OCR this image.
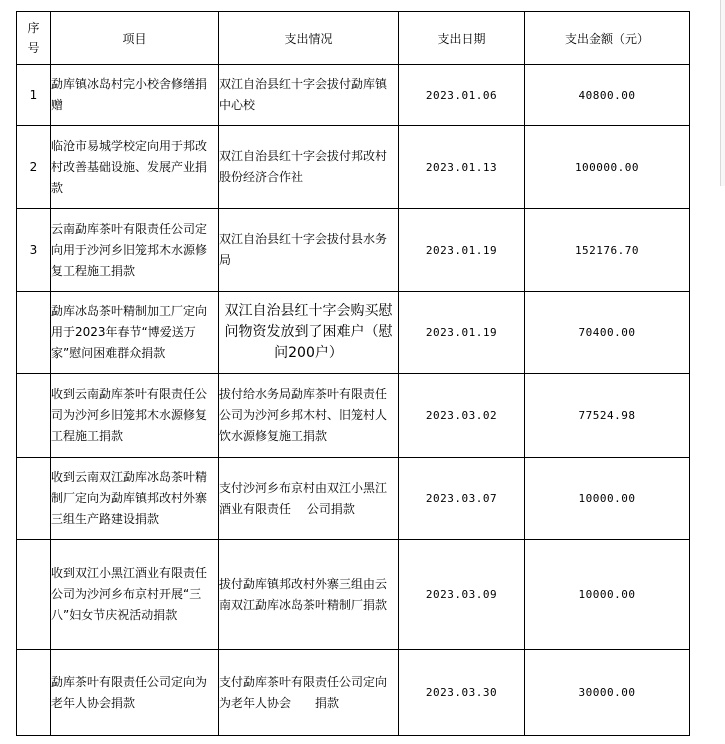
序号	项目	支出情况	支出日期	支出金额（元）
1	勐库镇冰岛村完小校舍修缮捐赠	双江自治县红十字会拔付勐库镇　 中心校	2023.01.06	40800.00
2	临沧市易城学校定向用于邦改村改善基础设施、发展产业捐款	双江自治县红十字会拔付邦改村股份经济合作社	2023.01.13	100000.00
3	云南勐库茶叶有限责任公司定向用于沙河乡旧笼邦木水源修复工程施工捐款	双江自治县红十字会拔付县水务局	2023.01.19	152176.70
	勐库冰岛茶叶精制加工厂定向用于2023年春节“博爱送万家”慰问困难群众捐款	双江自治县红十字会购买慰问物资发放到了困难户（慰问200户）	2023.01.19	70400.00
	收到云南勐库茶叶有限责任公司为沙河乡旧笼邦木水源修复工程施工捐款	拔付给水务局勐库茶叶有限责任公司为沙河乡邦木村、旧笼村人饮水源修复施工捐款	2023.03.02	77524.98
	收到云南双江勐库冰岛茶叶精制厂定向为勐库镇邦改村外寨三组生产路建设捐款	支付沙河乡布京村由双江小黑江酒业有限责任　 公司捐款	2023.03.07	10000.00
	收到双江小黑江酒业有限责任公司为沙河乡布京村开展“三八”妇女节庆祝活动捐款	拔付勐库镇邦改村外寨三组由云南双江勐库冰岛茶叶精制厂捐款	2023.03.09	10000.00
	勐库茶叶有限责任公司定向为老年人协会捐款	支付勐库茶叶有限责任公司定向为老年人协会　　捐款	2023.03.30	30000.00
